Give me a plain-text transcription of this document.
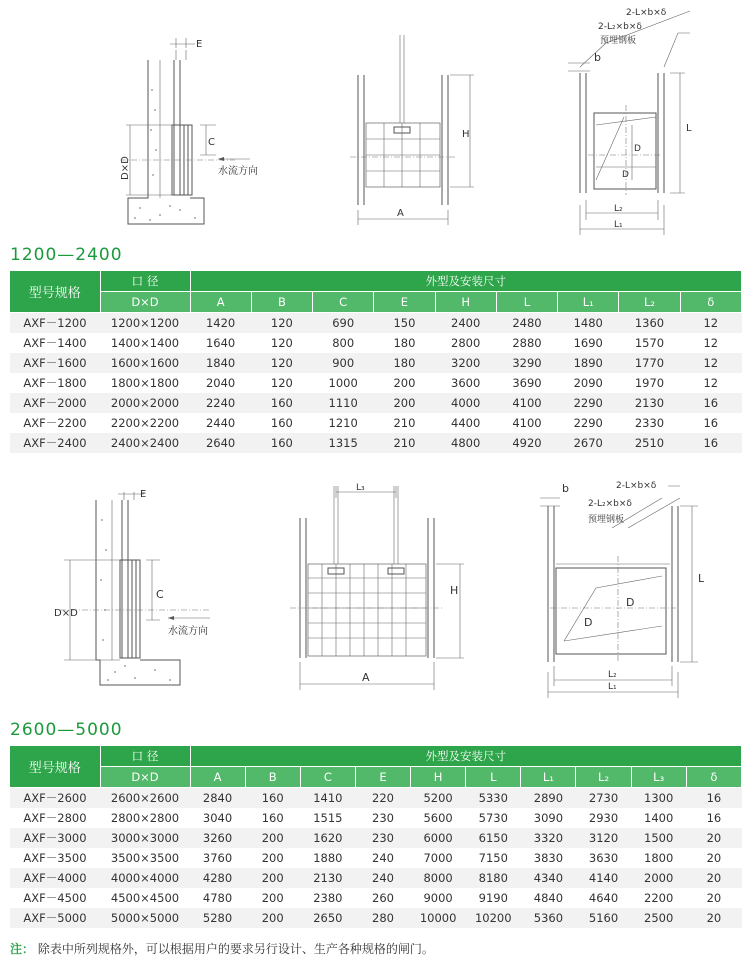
E
C
D×D	水流方向
H
A
2-L×b×δ
2-L₂×b×δ
预埋钢板
b
L
D
D
L₂
L₁
1200—2400
型号规格	口 径	外型及安装尺寸								
	D×D	A	B	C	E	H	L	L₁	L₂	δ
AXF－1200	1200×1200	1420	120	690	150	2400	2480	1480	1360	12
AXF－1400	1400×1400	1640	120	800	180	2800	2880	1690	1570	12
AXF－1600	1600×1600	1840	120	900	180	3200	3290	1890	1770	12
AXF－1800	1800×1800	2040	120	1000	200	3600	3690	2090	1970	12
AXF－2000	2000×2000	2240	160	1110	200	4000	4100	2290	2130	16
AXF－2200	2200×2200	2440	160	1210	210	4400	4100	2290	2330	16
AXF－2400	2400×2400	2640	160	1315	210	4800	4920	2670	2510	16
E
C
D×D
水流方向
L₃
H
A
b	2-L×b×δ
2-L₂×b×δ
预埋钢板
L
D
D
L₂
L₁
2600—5000
型号规格	口 径	外型及安装尺寸									
	D×D	A	B	C	E	H	L	L₁	L₂	L₃	δ
AXF－2600	2600×2600	2840	160	1410	220	5200	5330	2890	2730	1300	16
AXF－2800	2800×2800	3040	160	1515	230	5600	5730	3090	2930	1400	16
AXF－3000	3000×3000	3260	200	1620	230	6000	6150	3320	3120	1500	20
AXF－3500	3500×3500	3760	200	1880	240	7000	7150	3830	3630	1800	20
AXF－4000	4000×4000	4280	200	2130	240	8000	8180	4340	4140	2000	20
AXF－4500	4500×4500	4780	200	2380	260	9000	9190	4840	4640	2200	20
AXF－5000	5000×5000	5280	200	2650	280	10000	10200	5360	5160	2500	20
注： 除表中所列规格外，可以根据用户的要求另行设计、生产各种规格的闸门。
